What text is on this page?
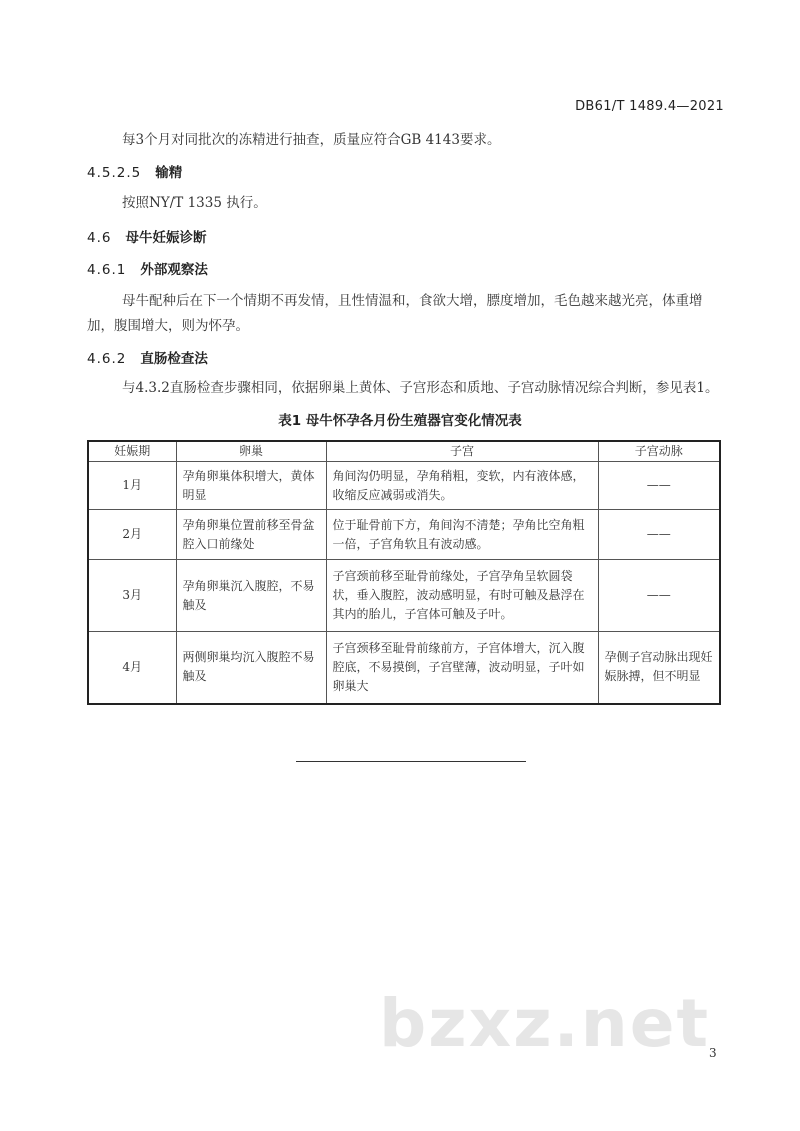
DB61/T 1489.4—2021
每3个月对同批次的冻精进行抽查，质量应符合GB 4143要求。
4.5.2.5 输精
按照NY/T 1335 执行。
4.6 母牛妊娠诊断
4.6.1 外部观察法
母牛配种后在下一个情期不再发情，且性情温和，食欲大增，膘度增加，毛色越来越光亮，体重增
加，腹围增大，则为怀孕。
4.6.2 直肠检查法
与4.3.2直肠检查步骤相同，依据卵巢上黄体、子宫形态和质地、子宫动脉情况综合判断，参见表1。
表1 母牛怀孕各月份生殖器官变化情况表
妊娠期	卵巢	子宫	子宫动脉
1月	孕角卵巢体积增大，黄体明显	角间沟仍明显，孕角稍粗，变软，内有液体感，收缩反应减弱或消失。	——
2月	孕角卵巢位置前移至骨盆腔入口前缘处	位于耻骨前下方，角间沟不清楚；孕角比空角粗一倍，子宫角软且有波动感。	——
3月	孕角卵巢沉入腹腔，不易触及	子宫颈前移至耻骨前缘处，子宫孕角呈软圆袋状，垂入腹腔，波动感明显，有时可触及悬浮在其内的胎儿，子宫体可触及子叶。	——
4月	两侧卵巢均沉入腹腔不易触及	子宫颈移至耻骨前缘前方，子宫体增大，沉入腹腔底，不易摸倒，子宫壁薄，波动明显，子叶如卵巢大	孕侧子宫动脉出现妊娠脉搏，但不明显
bzxz.net
3
